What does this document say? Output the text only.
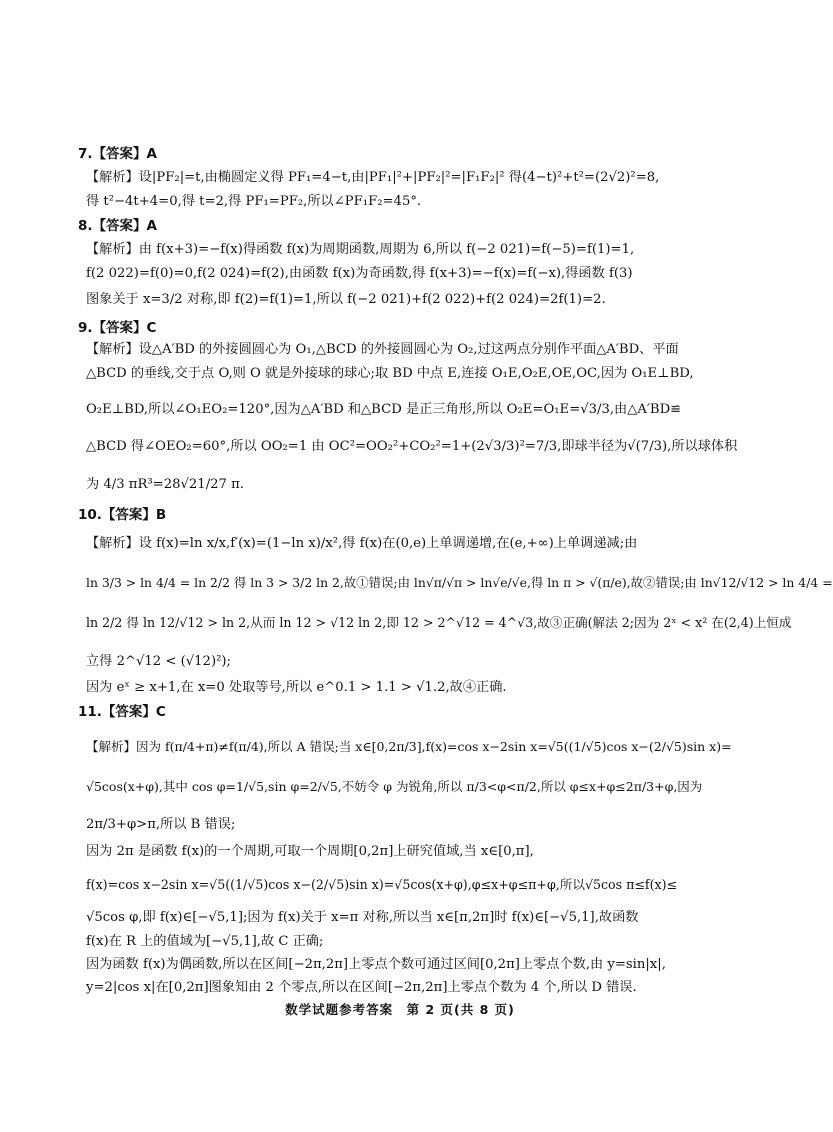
7.【答案】A
【解析】设|PF₂|=t,由椭圆定义得 PF₁=4−t,由|PF₁|²+|PF₂|²=|F₁F₂|² 得(4−t)²+t²=(2√2)²=8,
得 t²−4t+4=0,得 t=2,得 PF₁=PF₂,所以∠PF₁F₂=45°.
8.【答案】A
【解析】由 f(x+3)=−f(x)得函数 f(x)为周期函数,周期为 6,所以 f(−2 021)=f(−5)=f(1)=1,
f(2 022)=f(0)=0,f(2 024)=f(2),由函数 f(x)为奇函数,得 f(x+3)=−f(x)=f(−x),得函数 f(3)
图象关于 x=3/2 对称,即 f(2)=f(1)=1,所以 f(−2 021)+f(2 022)+f(2 024)=2f(1)=2.
9.【答案】C
【解析】设△A′BD 的外接圆圆心为 O₁,△BCD 的外接圆圆心为 O₂,过这两点分别作平面△A′BD、平面
△BCD 的垂线,交于点 O,则 O 就是外接球的球心;取 BD 中点 E,连接 O₁E,O₂E,OE,OC,因为 O₁E⊥BD,
O₂E⊥BD,所以∠O₁EO₂=120°,因为△A′BD 和△BCD 是正三角形,所以 O₂E=O₁E=√3/3,由△A′BD≌
△BCD 得∠OEO₂=60°,所以 OO₂=1 由 OC²=OO₂²+CO₂²=1+(2√3/3)²=7/3,即球半径为√(7/3),所以球体积
为 4/3 πR³=28√21/27 π.
10.【答案】B
【解析】设 f(x)=ln x/x,f′(x)=(1−ln x)/x²,得 f(x)在(0,e)上单调递增,在(e,+∞)上单调递减;由
ln 3/3 > ln 4/4 = ln 2/2 得 ln 3 > 3/2 ln 2,故①错误;由 ln√π/√π > ln√e/√e,得 ln π > √(π/e),故②错误;由 ln√12/√12 > ln 4/4 =
ln 2/2 得 ln 12/√12 > ln 2,从而 ln 12 > √12 ln 2,即 12 > 2^√12 = 4^√3,故③正确(解法 2;因为 2ˣ < x² 在(2,4)上恒成
立得 2^√12 < (√12)²);
因为 eˣ ≥ x+1,在 x=0 处取等号,所以 e^0.1 > 1.1 > √1.2,故④正确.
11.【答案】C
【解析】因为 f(π/4+π)≠f(π/4),所以 A 错误;当 x∈[0,2π/3],f(x)=cos x−2sin x=√5((1/√5)cos x−(2/√5)sin x)=
√5cos(x+φ),其中 cos φ=1/√5,sin φ=2/√5,不妨令 φ 为锐角,所以 π/3<φ<π/2,所以 φ≤x+φ≤2π/3+φ,因为
2π/3+φ>π,所以 B 错误;
因为 2π 是函数 f(x)的一个周期,可取一个周期[0,2π]上研究值域,当 x∈[0,π],
f(x)=cos x−2sin x=√5((1/√5)cos x−(2/√5)sin x)=√5cos(x+φ),φ≤x+φ≤π+φ,所以√5cos π≤f(x)≤
√5cos φ,即 f(x)∈[−√5,1];因为 f(x)关于 x=π 对称,所以当 x∈[π,2π]时 f(x)∈[−√5,1],故函数
f(x)在 R 上的值域为[−√5,1],故 C 正确;
因为函数 f(x)为偶函数,所以在区间[−2π,2π]上零点个数可通过区间[0,2π]上零点个数,由 y=sin|x|,
y=2|cos x|在[0,2π]图象知由 2 个零点,所以在区间[−2π,2π]上零点个数为 4 个,所以 D 错误.
数学试题参考答案　第 2 页(共 8 页)
